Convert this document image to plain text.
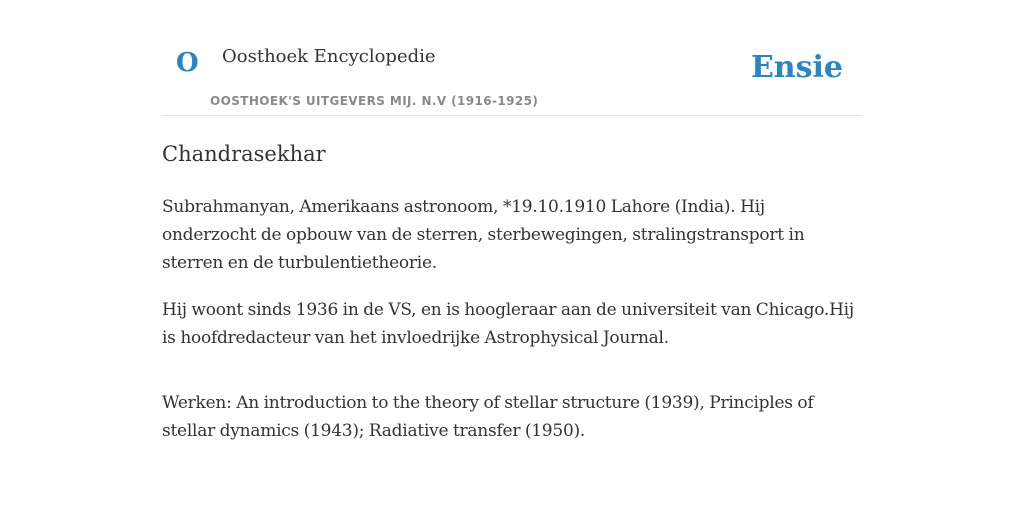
O Oosthoek Encyclopedie
OOSTHOEK'S UITGEVERS MIJ. N.V (1916-1925)
Ensie
Chandrasekhar

Subrahmanyan, Amerikaans astronoom, *19.10.1910 Lahore (India). Hij onderzocht de opbouw van de sterren, sterbewegingen, stralingstransport in sterren en de turbulentietheorie.

Hij woont sinds 1936 in de VS, en is hoogleraar aan de universiteit van Chicago.Hij is hoofdredacteur van het invloedrijke Astrophysical Journal.

Werken: An introduction to the theory of stellar structure (1939), Principles of stellar dynamics (1943); Radiative transfer (1950).
